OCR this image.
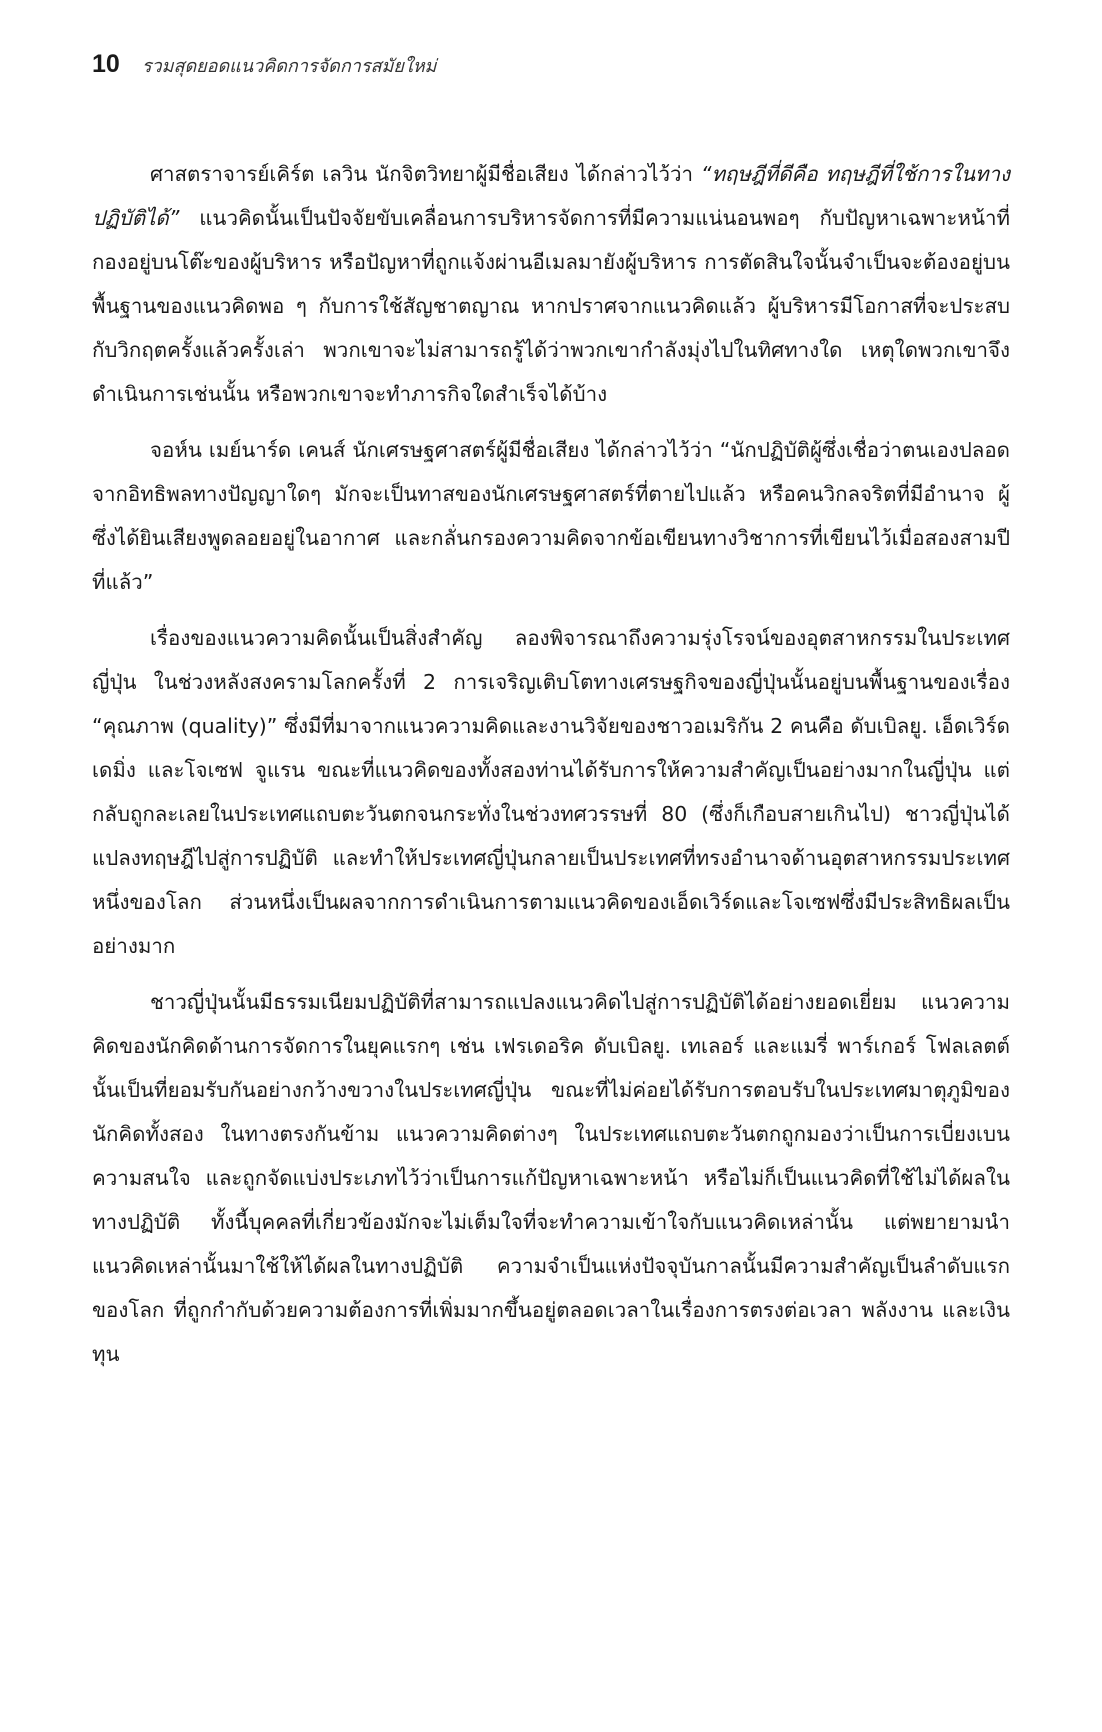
10 รวมสุดยอดแนวคิดการจัดการสมัยใหม่

ศาสตราจารย์เคิร์ต เลวิน นักจิตวิทยาผู้มีชื่อเสียง ได้กล่าวไว้ว่า “ทฤษฎีที่ดีคือ ทฤษฎีที่ใช้การในทางปฏิบัติได้” แนวคิดนั้นเป็นปัจจัยขับเคลื่อนการบริหารจัดการที่มีความแน่นอนพอๆ กับปัญหาเฉพาะหน้าที่กองอยู่บนโต๊ะของผู้บริหาร หรือปัญหาที่ถูกแจ้งผ่านอีเมลมายังผู้บริหาร การตัดสินใจนั้นจำเป็นจะต้องอยู่บนพื้นฐานของแนวคิดพอ ๆ กับการใช้สัญชาตญาณ หากปราศจากแนวคิดแล้ว ผู้บริหารมีโอกาสที่จะประสบกับวิกฤตครั้งแล้วครั้งเล่า พวกเขาจะไม่สามารถรู้ได้ว่าพวกเขากำลังมุ่งไปในทิศทางใด เหตุใดพวกเขาจึงดำเนินการเช่นนั้น หรือพวกเขาจะทำภารกิจใดสำเร็จได้บ้าง

จอห์น เมย์นาร์ด เคนส์ นักเศรษฐศาสตร์ผู้มีชื่อเสียง ได้กล่าวไว้ว่า “นักปฏิบัติผู้ซึ่งเชื่อว่าตนเองปลอดจากอิทธิพลทางปัญญาใดๆ มักจะเป็นทาสของนักเศรษฐศาสตร์ที่ตายไปแล้ว หรือคนวิกลจริตที่มีอำนาจ ผู้ซึ่งได้ยินเสียงพูดลอยอยู่ในอากาศ และกลั่นกรองความคิดจากข้อเขียนทางวิชาการที่เขียนไว้เมื่อสองสามปีที่แล้ว”

เรื่องของแนวความคิดนั้นเป็นสิ่งสำคัญ ลองพิจารณาถึงความรุ่งโรจน์ของอุตสาหกรรมในประเทศญี่ปุ่น ในช่วงหลังสงครามโลกครั้งที่ 2 การเจริญเติบโตทางเศรษฐกิจของญี่ปุ่นนั้นอยู่บนพื้นฐานของเรื่อง “คุณภาพ (quality)” ซึ่งมีที่มาจากแนวความคิดและงานวิจัยของชาวอเมริกัน 2 คนคือ ดับเบิลยู. เอ็ดเวิร์ด เดมิ่ง และโจเซฟ จูแรน ขณะที่แนวคิดของทั้งสองท่านได้รับการให้ความสำคัญเป็นอย่างมากในญี่ปุ่น แต่กลับถูกละเลยในประเทศแถบตะวันตกจนกระทั่งในช่วงทศวรรษที่ 80 (ซึ่งก็เกือบสายเกินไป) ชาวญี่ปุ่นได้แปลงทฤษฎีไปสู่การปฏิบัติ และทำให้ประเทศญี่ปุ่นกลายเป็นประเทศที่ทรงอำนาจด้านอุตสาหกรรมประเทศหนึ่งของโลก ส่วนหนึ่งเป็นผลจากการดำเนินการตามแนวคิดของเอ็ดเวิร์ดและโจเซฟซึ่งมีประสิทธิผลเป็นอย่างมาก

ชาวญี่ปุ่นนั้นมีธรรมเนียมปฏิบัติที่สามารถแปลงแนวคิดไปสู่การปฏิบัติได้อย่างยอดเยี่ยม แนวความคิดของนักคิดด้านการจัดการในยุคแรกๆ เช่น เฟรเดอริค ดับเบิลยู. เทเลอร์ และแมรี่ พาร์เกอร์ โฟลเลตต์ นั้นเป็นที่ยอมรับกันอย่างกว้างขวางในประเทศญี่ปุ่น ขณะที่ไม่ค่อยได้รับการตอบรับในประเทศมาตุภูมิของนักคิดทั้งสอง ในทางตรงกันข้าม แนวความคิดต่างๆ ในประเทศแถบตะวันตกถูกมองว่าเป็นการเบี่ยงเบนความสนใจ และถูกจัดแบ่งประเภทไว้ว่าเป็นการแก้ปัญหาเฉพาะหน้า หรือไม่ก็เป็นแนวคิดที่ใช้ไม่ได้ผลในทางปฏิบัติ ทั้งนี้บุคคลที่เกี่ยวข้องมักจะไม่เต็มใจที่จะทำความเข้าใจกับแนวคิดเหล่านั้น แต่พยายามนำแนวคิดเหล่านั้นมาใช้ให้ได้ผลในทางปฏิบัติ ความจำเป็นแห่งปัจจุบันกาลนั้นมีความสำคัญเป็นลำดับแรกของโลก ที่ถูกกำกับด้วยความต้องการที่เพิ่มมากขึ้นอยู่ตลอดเวลาในเรื่องการตรงต่อเวลา พลังงาน และเงินทุน
